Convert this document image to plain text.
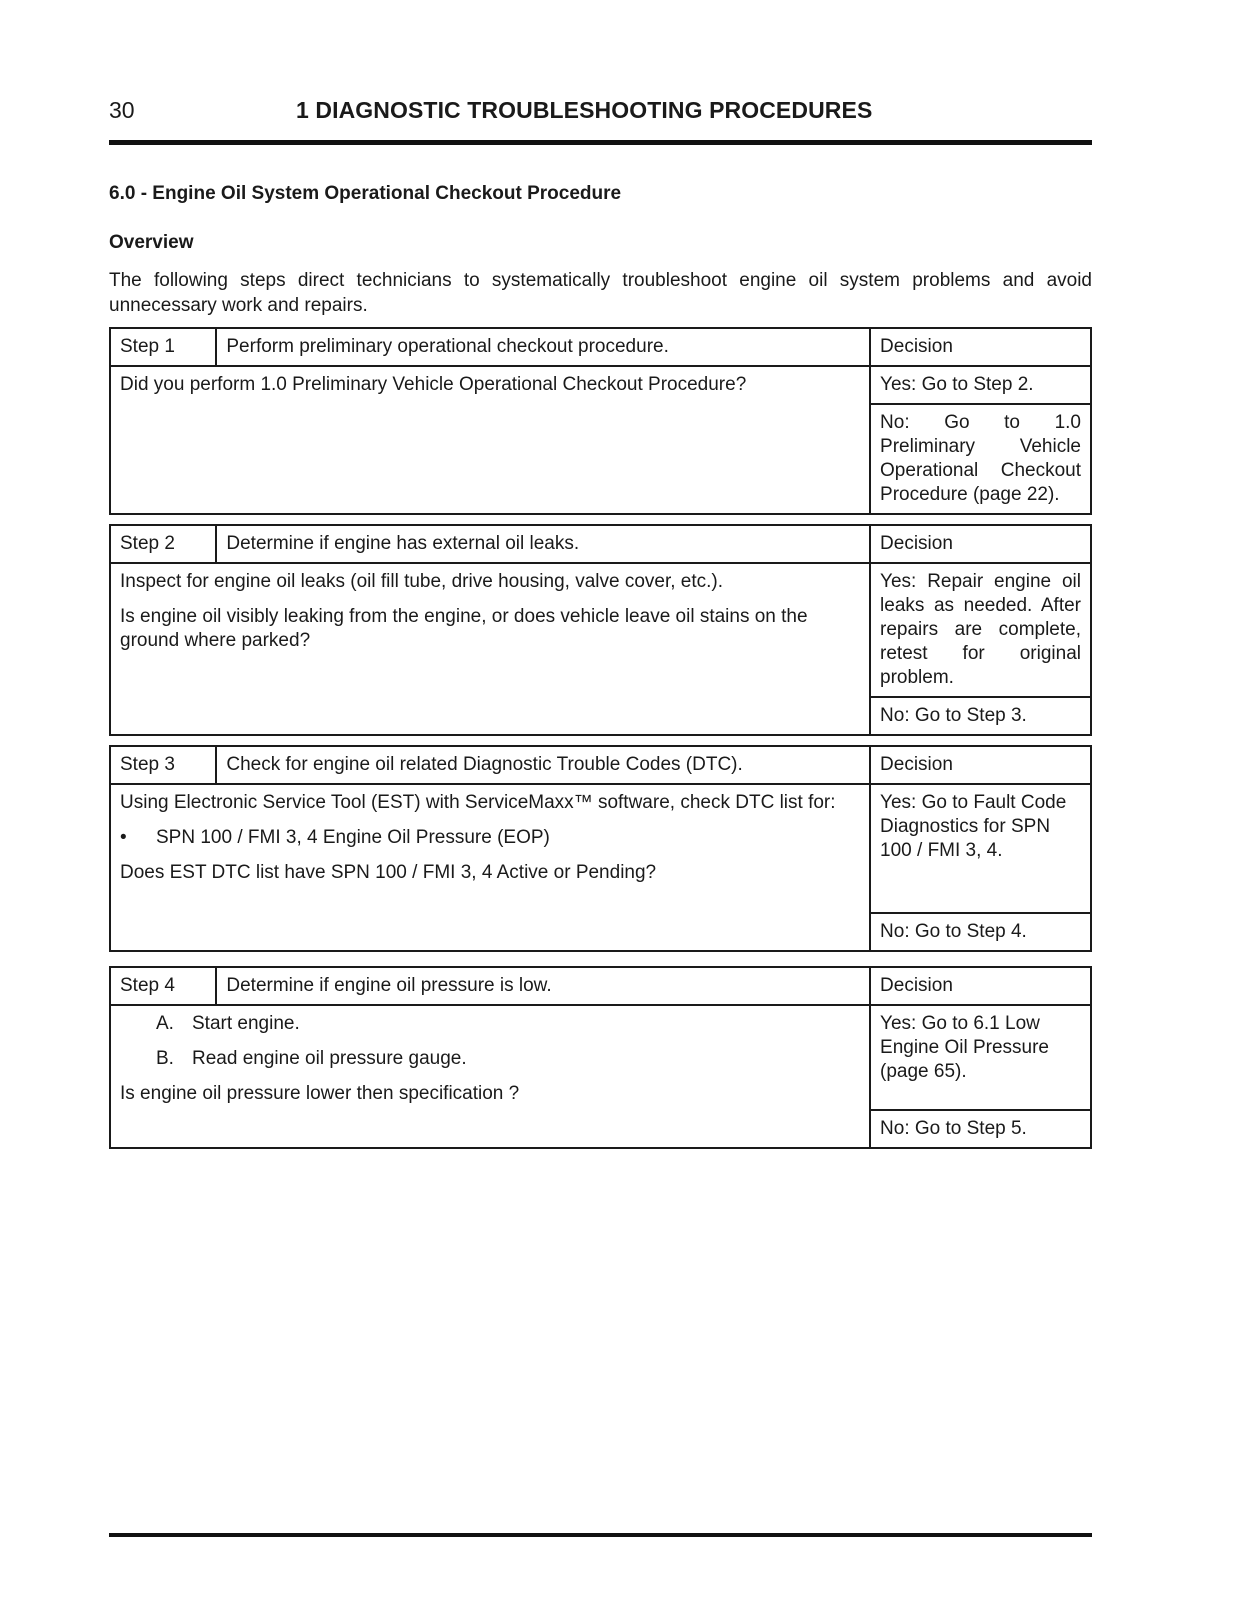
30	1 DIAGNOSTIC TROUBLESHOOTING PROCEDURES
6.0 - Engine Oil System Operational Checkout Procedure
Overview
The following steps direct technicians to systematically troubleshoot engine oil system problems and avoid unnecessary work and repairs.
Step 1	Perform preliminary operational checkout procedure.	Decision

Did you perform 1.0 Preliminary Vehicle Operational Checkout Procedure?		Yes: Go to Step 2.
		No: Go to 1.0 Preliminary Vehicle Operational Checkout Procedure (page 22).
Step 2	Determine if engine has external oil leaks.	Decision

Inspect for engine oil leaks (oil fill tube, drive housing, valve cover, etc.).

Is engine oil visibly leaking from the engine, or does vehicle leave oil stains on the ground where parked?		Yes: Repair engine oil leaks as needed. After repairs are complete, retest for original problem.
		No: Go to Step 3.
Step 3	Check for engine oil related Diagnostic Trouble Codes (DTC).	Decision

Using Electronic Service Tool (EST) with ServiceMaxx™ software, check DTC list for:

• SPN 100 / FMI 3, 4 Engine Oil Pressure (EOP)

Does EST DTC list have SPN 100 / FMI 3, 4 Active or Pending?		Yes: Go to Fault Code Diagnostics for SPN 100 / FMI 3, 4.
		No: Go to Step 4.
Step 4	Determine if engine oil pressure is low.	Decision

A. Start engine.
B. Read engine oil pressure gauge.

Is engine oil pressure lower then specification ?		Yes: Go to 6.1 Low Engine Oil Pressure (page 65).
		No: Go to Step 5.
